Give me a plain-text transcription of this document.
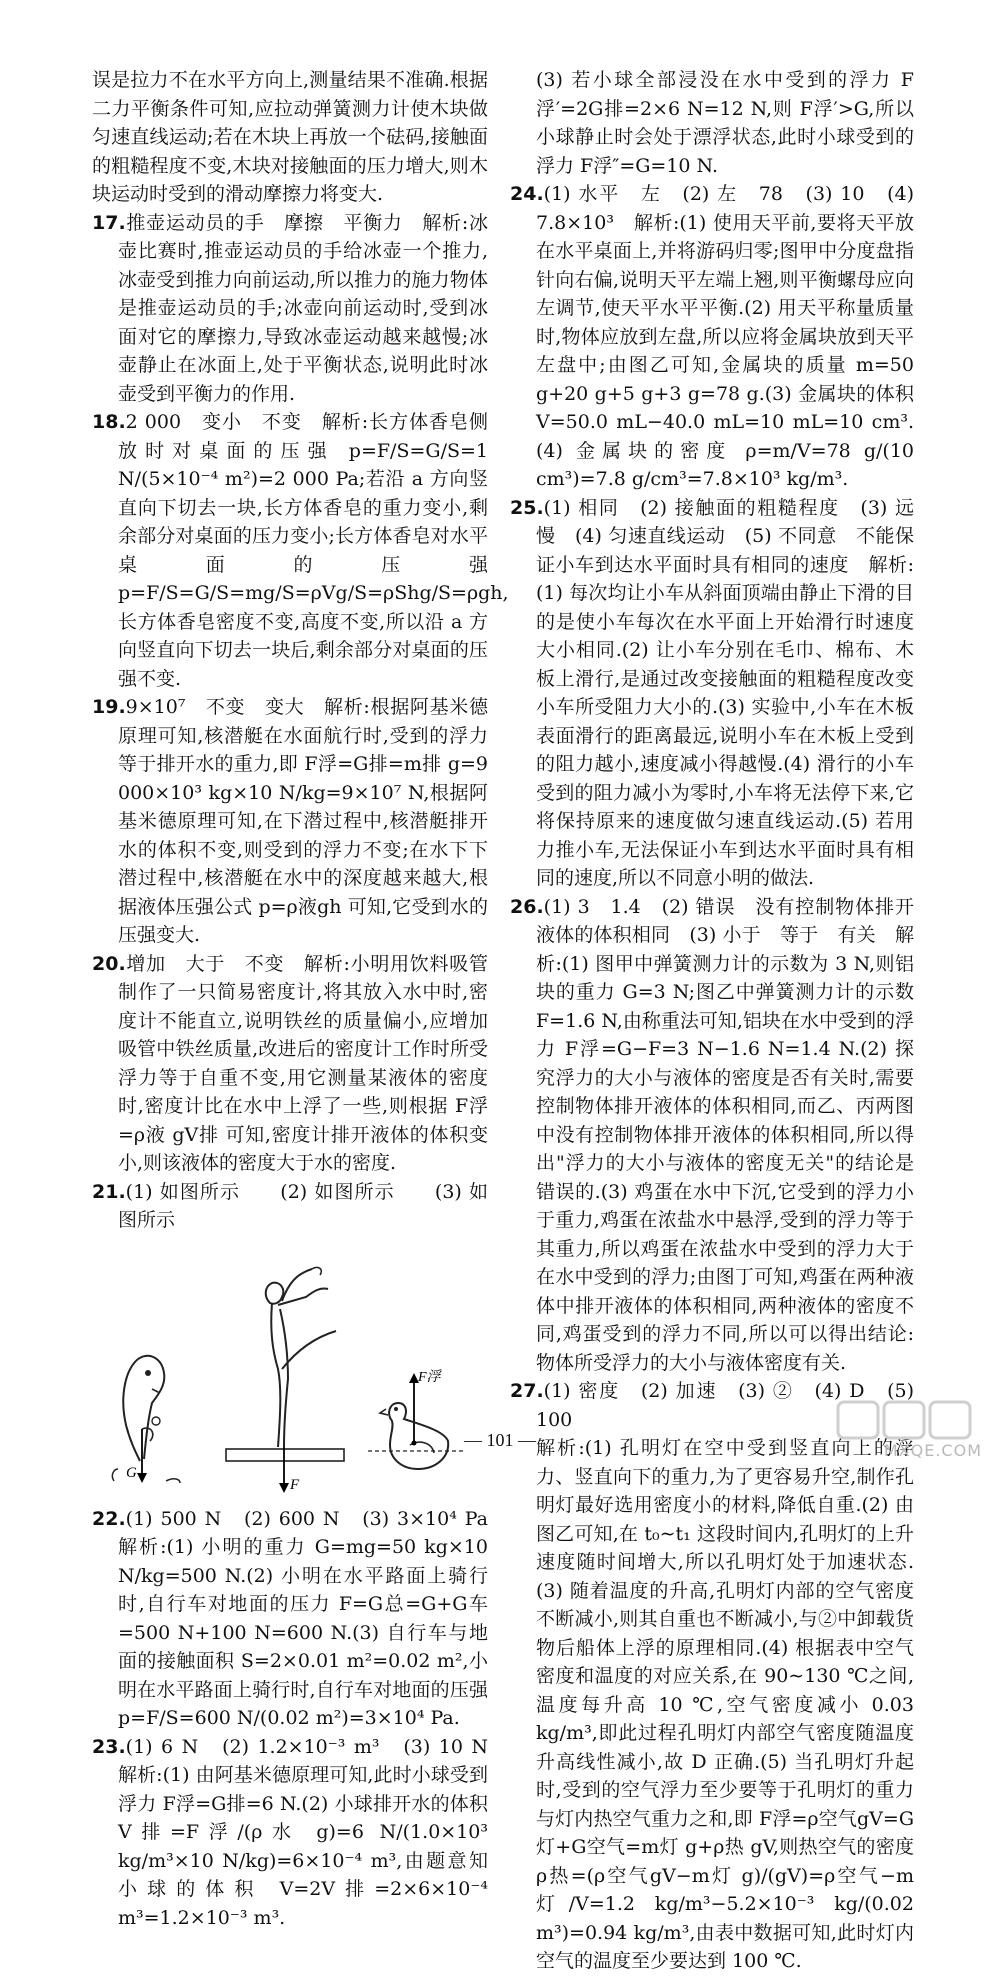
误是拉力不在水平方向上,测量结果不准确.根据二力平衡条件可知,应拉动弹簧测力计使木块做匀速直线运动;若在木块上再放一个砝码,接触面的粗糙程度不变,木块对接触面的压力增大,则木块运动时受到的滑动摩擦力将变大.

17.推壶运动员的手　摩擦　平衡力　解析:冰壶比赛时,推壶运动员的手给冰壶一个推力,冰壶受到推力向前运动,所以推力的施力物体是推壶运动员的手;冰壶向前运动时,受到冰面对它的摩擦力,导致冰壶运动越来越慢;冰壶静止在冰面上,处于平衡状态,说明此时冰壶受到平衡力的作用.

18.2 000　变小　不变　解析:长方体香皂侧放时对桌面的压强 p=F/S=G/S=1 N/(5×10⁻⁴ m²)=2 000 Pa;若沿 a 方向竖直向下切去一块,长方体香皂的重力变小,剩余部分对桌面的压力变小;长方体香皂对水平桌面的压强 p=F/S=G/S=mg/S=ρVg/S=ρShg/S=ρgh,长方体香皂密度不变,高度不变,所以沿 a 方向竖直向下切去一块后,剩余部分对桌面的压强不变.

19.9×10⁷　不变　变大　解析:根据阿基米德原理可知,核潜艇在水面航行时,受到的浮力等于排开水的重力,即 F浮=G排=m排 g=9 000×10³ kg×10 N/kg=9×10⁷ N,根据阿基米德原理可知,在下潜过程中,核潜艇排开水的体积不变,则受到的浮力不变;在水下下潜过程中,核潜艇在水中的深度越来越大,根据液体压强公式 p=ρ液gh 可知,它受到水的压强变大.

20.增加　大于　不变　解析:小明用饮料吸管制作了一只简易密度计,将其放入水中时,密度计不能直立,说明铁丝的质量偏小,应增加吸管中铁丝质量,改进后的密度计工作时所受浮力等于自重不变,用它测量某液体的密度时,密度计比在水中上浮了一些,则根据 F浮=ρ液 gV排 可知,密度计排开液体的体积变小,则该液体的密度大于水的密度.

21.(1) 如图所示　　(2) 如图所示　　(3) 如图所示

G
F
F浮

22.(1) 500 N　(2) 600 N　(3) 3×10⁴ Pa　解析:(1) 小明的重力 G=mg=50 kg×10 N/kg=500 N.(2) 小明在水平路面上骑行时,自行车对地面的压力 F=G总=G+G车=500 N+100 N=600 N.(3) 自行车与地面的接触面积 S=2×0.01 m²=0.02 m²,小明在水平路面上骑行时,自行车对地面的压强 p=F/S=600 N/(0.02 m²)=3×10⁴ Pa.

23.(1) 6 N　(2) 1.2×10⁻³ m³　(3) 10 N　解析:(1) 由阿基米德原理可知,此时小球受到浮力 F浮=G排=6 N.(2) 小球排开水的体积 V排=F浮/(ρ水 g)=6 N/(1.0×10³ kg/m³×10 N/kg)=6×10⁻⁴ m³,由题意知小球的体积 V=2V排=2×6×10⁻⁴ m³=1.2×10⁻³ m³.

(3) 若小球全部浸没在水中受到的浮力 F浮′=2G排=2×6 N=12 N,则 F浮′>G,所以小球静止时会处于漂浮状态,此时小球受到的浮力 F浮″=G=10 N.

24.(1) 水平　左　(2) 左　78　(3) 10　(4) 7.8×10³　解析:(1) 使用天平前,要将天平放在水平桌面上,并将游码归零;图甲中分度盘指针向右偏,说明天平左端上翘,则平衡螺母应向左调节,使天平水平平衡.(2) 用天平称量质量时,物体应放到左盘,所以应将金属块放到天平左盘中;由图乙可知,金属块的质量 m=50 g+20 g+5 g+3 g=78 g.(3) 金属块的体积 V=50.0 mL−40.0 mL=10 mL=10 cm³.(4) 金属块的密度 ρ=m/V=78 g/(10 cm³)=7.8 g/cm³=7.8×10³ kg/m³.

25.(1) 相同　(2) 接触面的粗糙程度　(3) 远　慢　(4) 匀速直线运动　(5) 不同意　不能保证小车到达水平面时具有相同的速度　解析:(1) 每次均让小车从斜面顶端由静止下滑的目的是使小车每次在水平面上开始滑行时速度大小相同.(2) 让小车分别在毛巾、棉布、木板上滑行,是通过改变接触面的粗糙程度改变小车所受阻力大小的.(3) 实验中,小车在木板表面滑行的距离最远,说明小车在木板上受到的阻力越小,速度减小得越慢.(4) 滑行的小车受到的阻力减小为零时,小车将无法停下来,它将保持原来的速度做匀速直线运动.(5) 若用力推小车,无法保证小车到达水平面时具有相同的速度,所以不同意小明的做法.

26.(1) 3　1.4　(2) 错误　没有控制物体排开液体的体积相同　(3) 小于　等于　有关　解析:(1) 图甲中弹簧测力计的示数为 3 N,则铝块的重力 G=3 N;图乙中弹簧测力计的示数 F=1.6 N,由称重法可知,铝块在水中受到的浮力 F浮=G−F=3 N−1.6 N=1.4 N.(2) 探究浮力的大小与液体的密度是否有关时,需要控制物体排开液体的体积相同,而乙、丙两图中没有控制物体排开液体的体积相同,所以得出"浮力的大小与液体的密度无关"的结论是错误的.(3) 鸡蛋在水中下沉,它受到的浮力小于重力,鸡蛋在浓盐水中悬浮,受到的浮力等于其重力,所以鸡蛋在浓盐水中受到的浮力大于在水中受到的浮力;由图丁可知,鸡蛋在两种液体中排开液体的体积相同,两种液体的密度不同,鸡蛋受到的浮力不同,所以可以得出结论:物体所受浮力的大小与液体密度有关.

27.(1) 密度　(2) 加速　(3) ②　(4) D　(5) 100

解析:(1) 孔明灯在空中受到竖直向上的浮力、竖直向下的重力,为了更容易升空,制作孔明灯最好选用密度小的材料,降低自重.(2) 由图乙可知,在 t₀∼t₁ 这段时间内,孔明灯的上升速度随时间增大,所以孔明灯处于加速状态.(3) 随着温度的升高,孔明灯内部的空气密度不断减小,则其自重也不断减小,与②中卸载货物后船体上浮的原理相同.(4) 根据表中空气密度和温度的对应关系,在 90∼130 ℃之间,温度每升高 10 ℃,空气密度减小 0.03 kg/m³,即此过程孔明灯内部空气密度随温度升高线性减小,故 D 正确.(5) 当孔明灯升起时,受到的空气浮力至少要等于孔明灯的重力与灯内热空气重力之和,即 F浮=ρ空气gV=G灯+G空气=m灯 g+ρ热 gV,则热空气的密度 ρ热=(ρ空气gV−m灯 g)/(gV)=ρ空气−m灯/V=1.2 kg/m³−5.2×10⁻³ kg/(0.02 m³)=0.94 kg/m³,由表中数据可知,此时灯内空气的温度至少要达到 100 ℃.

— 101 —
MXQE.COM
